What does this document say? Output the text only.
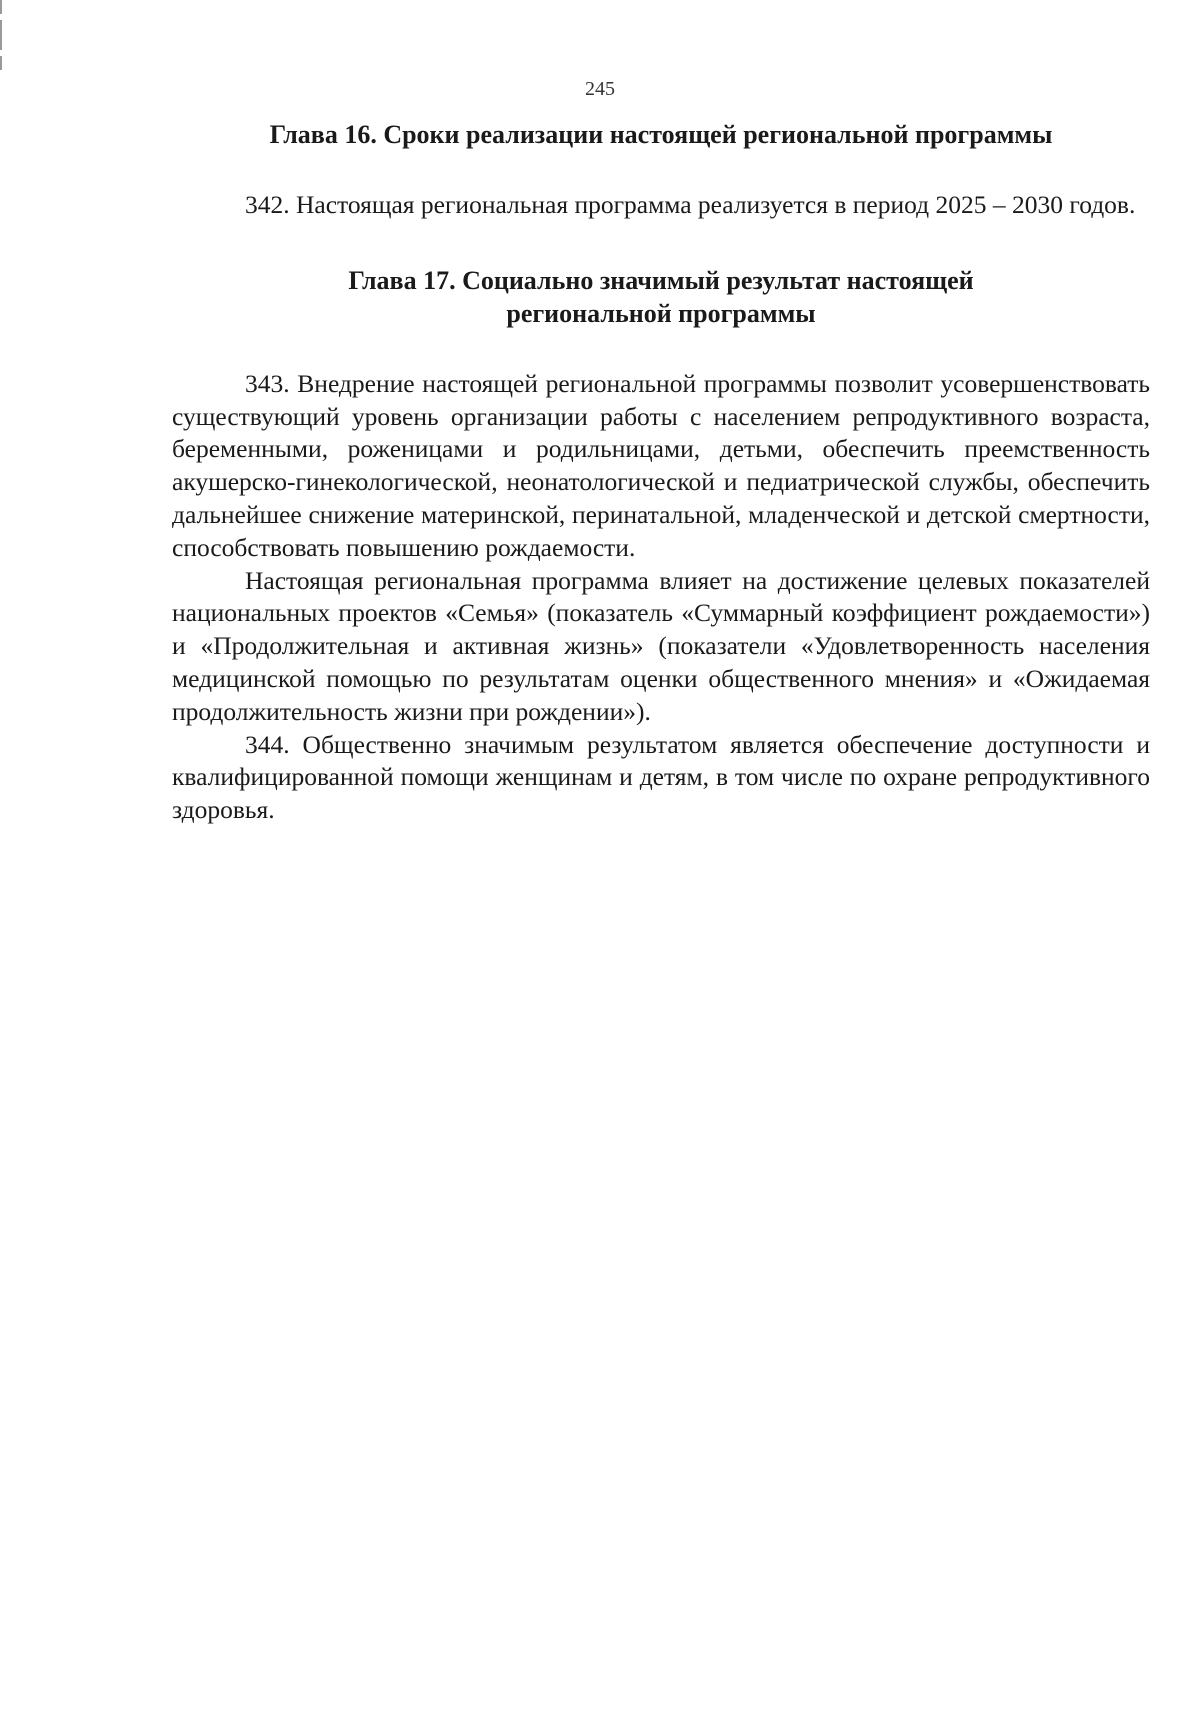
245
Глава 16. Сроки реализации настоящей региональной программы

342. Настоящая региональная программа реализуется в период 2025 – 2030 годов.

Глава 17. Социально значимый результат настоящей
региональной программы

343. Внедрение настоящей региональной программы позволит усовершенствовать существующий уровень организации работы с населением репродуктивного возраста, беременными, роженицами и родильницами, детьми, обеспечить преемственность акушерско-гинекологической, неонатологической и педиатрической службы, обеспечить дальнейшее снижение материнской, перинатальной, младенческой и детской смертности, способствовать повышению рождаемости.

Настоящая региональная программа влияет на достижение целевых показателей национальных проектов «Семья» (показатель «Суммарный коэффициент рождаемости») и «Продолжительная и активная жизнь» (показатели «Удовлетворенность населения медицинской помощью по результатам оценки общественного мнения» и «Ожидаемая продолжительность жизни при рождении»).

344. Общественно значимым результатом является обеспечение доступности и квалифицированной помощи женщинам и детям, в том числе по охране репродуктивного здоровья.
